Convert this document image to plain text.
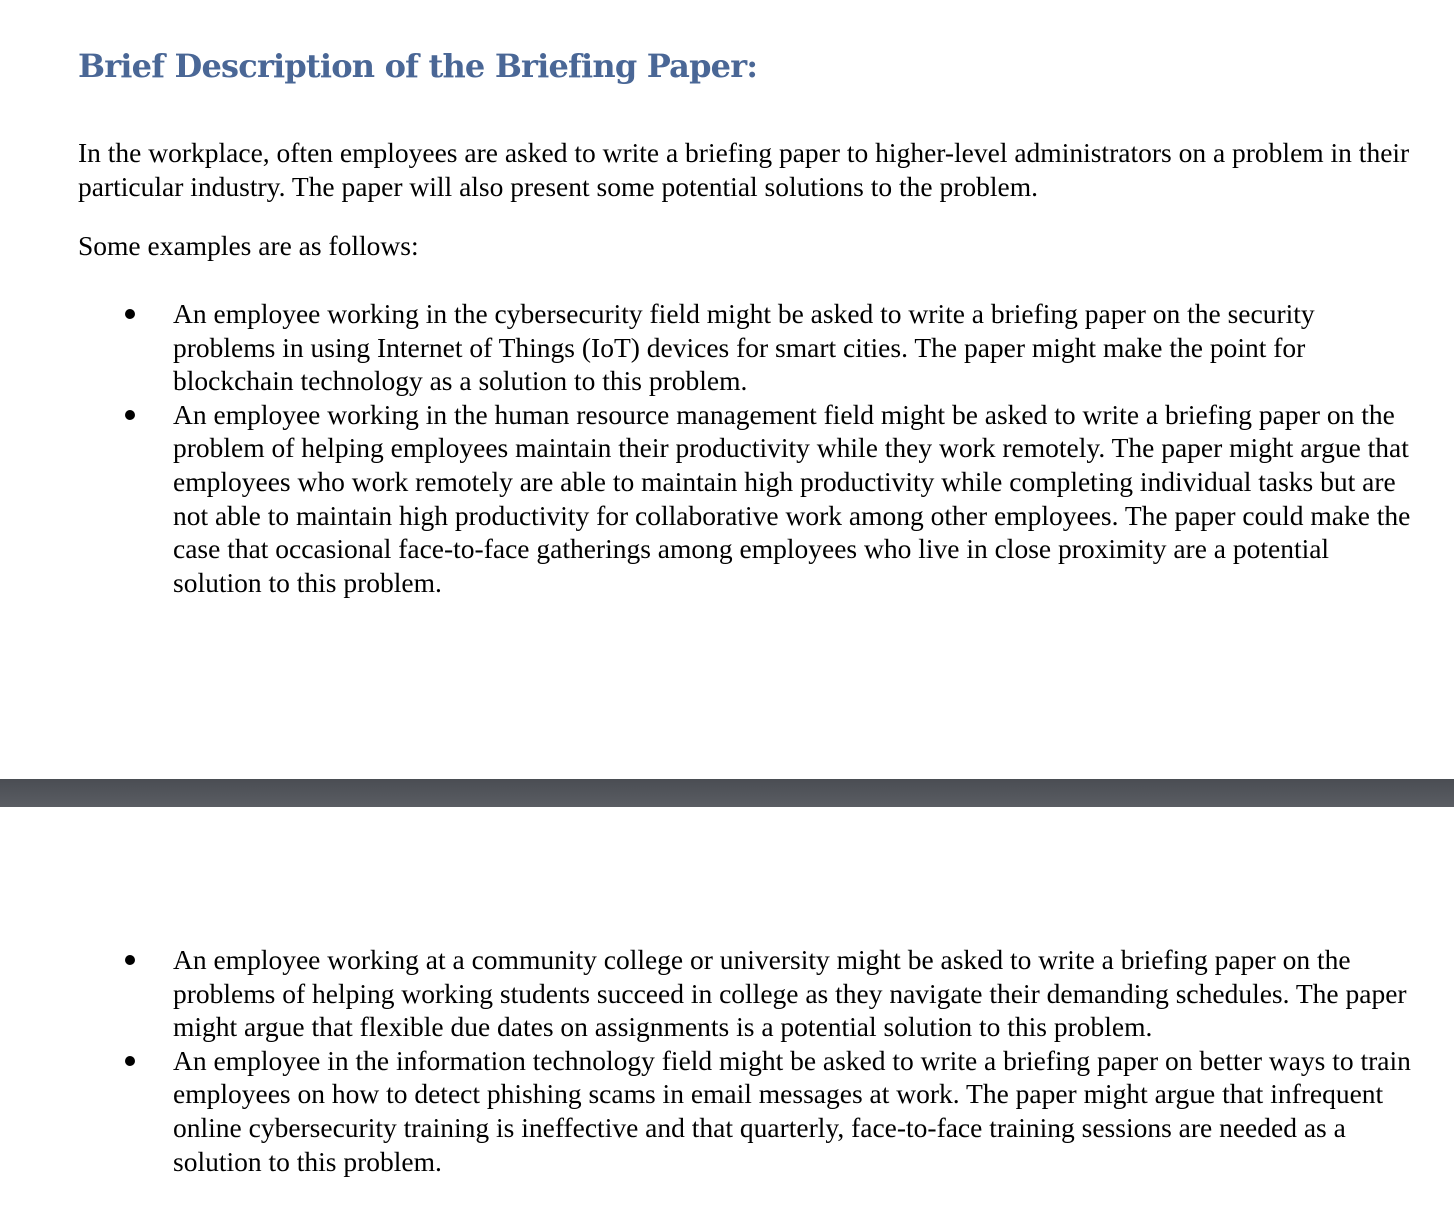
Brief Description of the Briefing Paper:

In the workplace, often employees are asked to write a briefing paper to higher-level administrators on a problem in their particular industry. The paper will also present some potential solutions to the problem.

Some examples are as follows:

An employee working in the cybersecurity field might be asked to write a briefing paper on the security problems in using Internet of Things (IoT) devices for smart cities. The paper might make the point for blockchain technology as a solution to this problem.
An employee working in the human resource management field might be asked to write a briefing paper on the problem of helping employees maintain their productivity while they work remotely. The paper might argue that employees who work remotely are able to maintain high productivity while completing individual tasks but are not able to maintain high productivity for collaborative work among other employees. The paper could make the case that occasional face-to-face gatherings among employees who live in close proximity are a potential solution to this problem.
An employee working at a community college or university might be asked to write a briefing paper on the problems of helping working students succeed in college as they navigate their demanding schedules. The paper might argue that flexible due dates on assignments is a potential solution to this problem.
An employee in the information technology field might be asked to write a briefing paper on better ways to train employees on how to detect phishing scams in email messages at work. The paper might argue that infrequent online cybersecurity training is ineffective and that quarterly, face-to-face training sessions are needed as a solution to this problem.
